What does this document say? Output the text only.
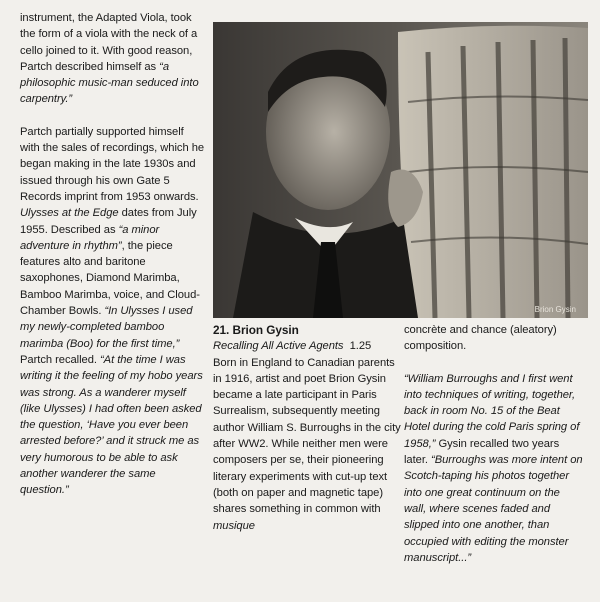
instrument, the Adapted Viola, took the form of a viola with the neck of a cello joined to it. With good reason, Partch described himself as “a philosophic music-man seduced into carpentry.”

Partch partially supported himself with the sales of recordings, which he began making in the late 1930s and issued through his own Gate 5 Records imprint from 1953 onwards. Ulysses at the Edge dates from July 1955. Described as “a minor adventure in rhythm”, the piece features alto and baritone saxophones, Diamond Marimba, Bamboo Marimba, voice, and Cloud-Chamber Bowls. “In Ulysses I used my newly-completed bamboo marimba (Boo) for the first time,” Partch recalled. “At the time I was writing it the feeling of my hobo years was strong. As a wanderer myself (like Ulysses) I had often been asked the question, ‘Have you ever been arrested before?’ and it struck me as very humorous to be able to ask another wanderer the same question.”

Brion Gysin

21. Brion Gysin

Recalling All Active Agents 1.25

Born in England to Canadian parents in 1916, artist and poet Brion Gysin became a late participant in Paris Surrealism, subsequently meeting author William S. Burroughs in the city after WW2. While neither men were composers per se, their pioneering literary experiments with cut-up text (both on paper and magnetic tape) shares something in common with musique

concrète and chance (aleatory) composition.

“William Burroughs and I first went into techniques of writing, together, back in room No. 15 of the Beat Hotel during the cold Paris spring of 1958,” Gysin recalled two years later. “Burroughs was more intent on Scotch-taping his photos together into one great continuum on the wall, where scenes faded and slipped into one another, than occupied with editing the monster manuscript...”
